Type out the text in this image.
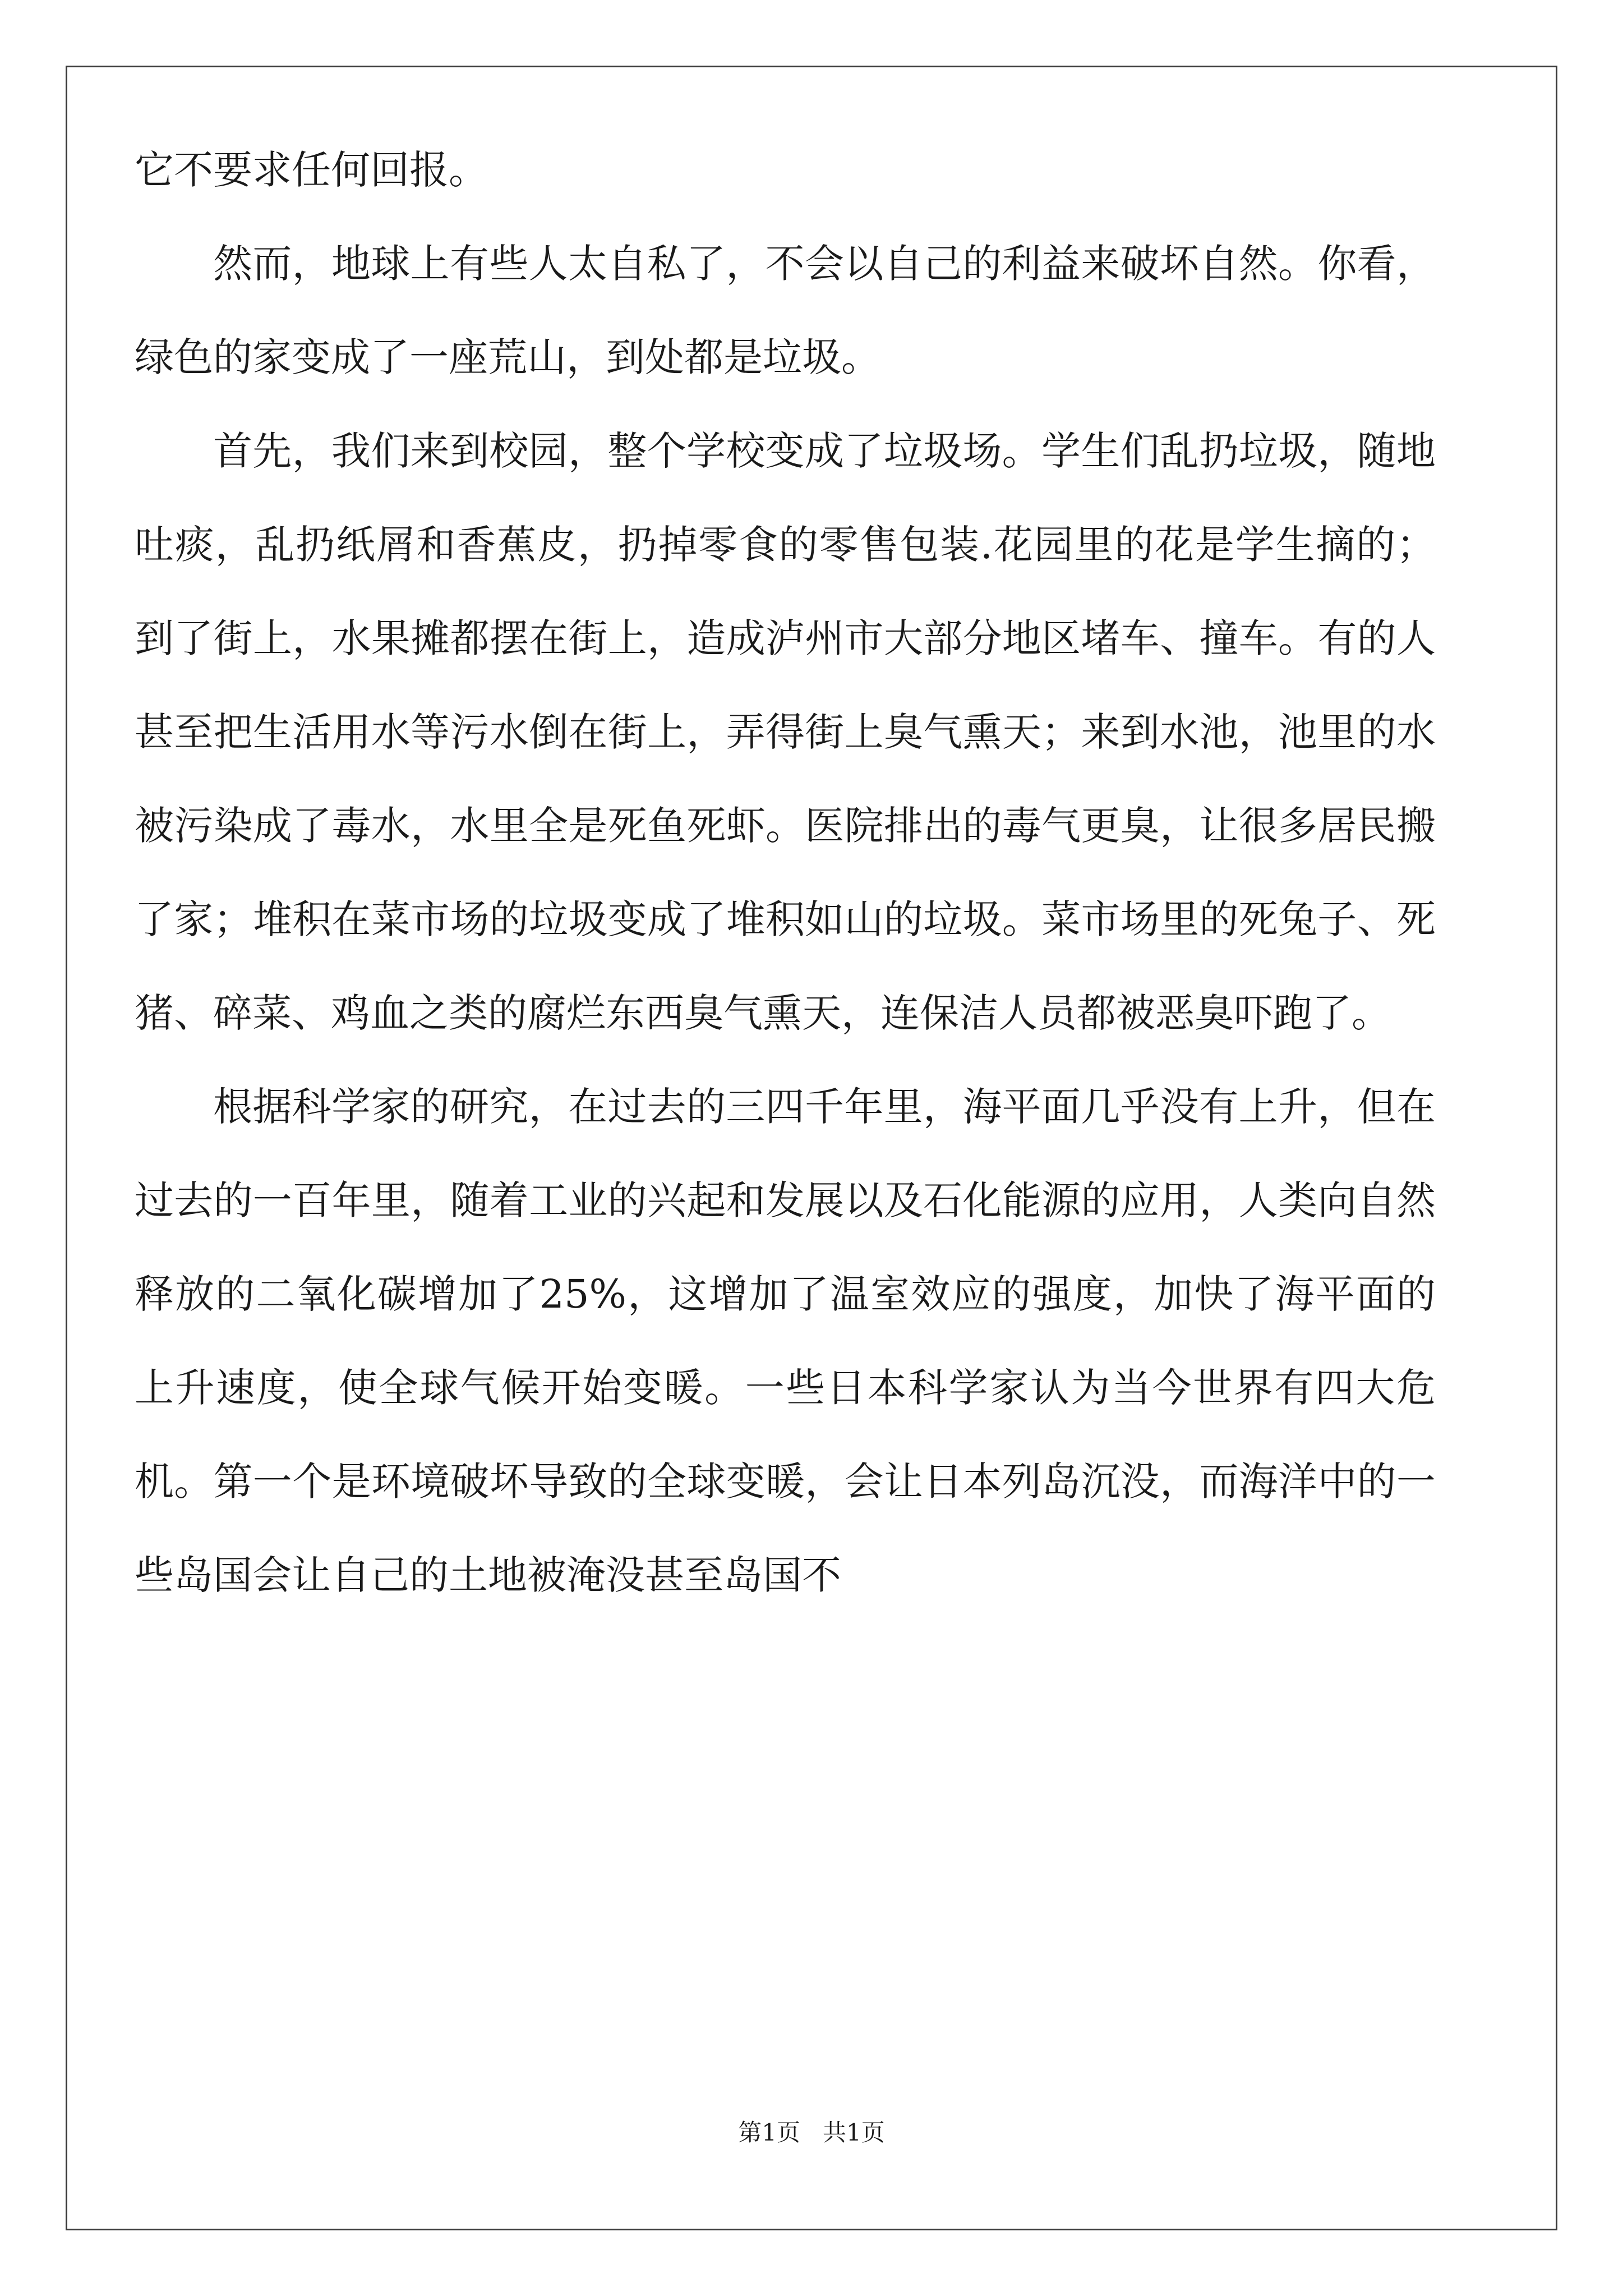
它不要求任何回报。

然而，地球上有些人太自私了，不会以自己的利益来破坏自然。你看，绿色的家变成了一座荒山，到处都是垃圾。

首先，我们来到校园，整个学校变成了垃圾场。学生们乱扔垃圾，随地吐痰，乱扔纸屑和香蕉皮，扔掉零食的零售包装.花园里的花是学生摘的；到了街上，水果摊都摆在街上，造成泸州市大部分地区堵车、撞车。有的人甚至把生活用水等污水倒在街上，弄得街上臭气熏天；来到水池，池里的水被污染成了毒水，水里全是死鱼死虾。医院排出的毒气更臭，让很多居民搬了家；堆积在菜市场的垃圾变成了堆积如山的垃圾。菜市场里的死兔子、死猪、碎菜、鸡血之类的腐烂东西臭气熏天，连保洁人员都被恶臭吓跑了。

根据科学家的研究，在过去的三四千年里，海平面几乎没有上升，但在过去的一百年里，随着工业的兴起和发展以及石化能源的应用，人类向自然释放的二氧化碳增加了25%，这增加了温室效应的强度，加快了海平面的上升速度，使全球气候开始变暖。一些日本科学家认为当今世界有四大危机。第一个是环境破坏导致的全球变暖，会让日本列岛沉没，而海洋中的一些岛国会让自己的土地被淹没甚至岛国不

第1页 共1页
